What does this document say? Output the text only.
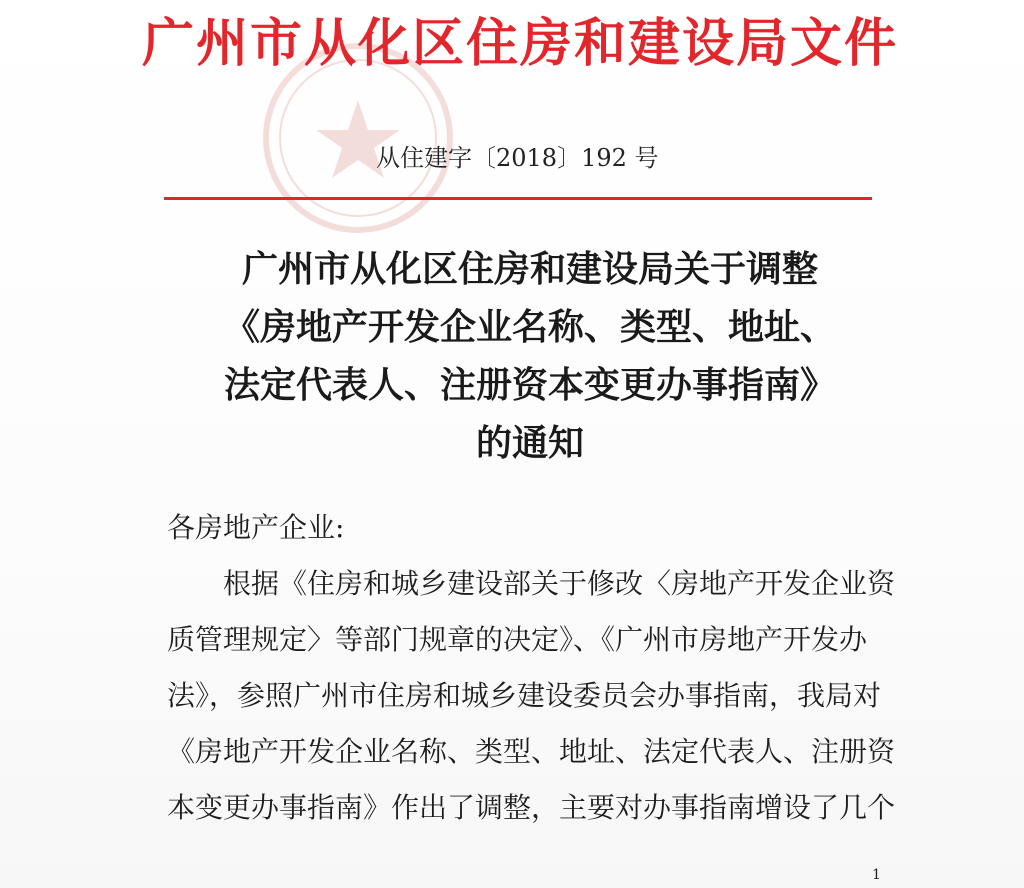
广州市从化区住房和建设局文件
从住建字〔2018〕192 号
广州市从化区住房和建设局关于调整
《房地产开发企业名称、类型、地址、
法定代表人、注册资本变更办事指南》
的通知
各房地产企业:
根据《住房和城乡建设部关于修改〈房地产开发企业资
质管理规定〉等部门规章的决定》、《广州市房地产开发办
法》，参照广州市住房和城乡建设委员会办事指南，我局对
《房地产开发企业名称、类型、地址、法定代表人、注册资
本变更办事指南》作出了调整，主要对办事指南增设了几个
1
